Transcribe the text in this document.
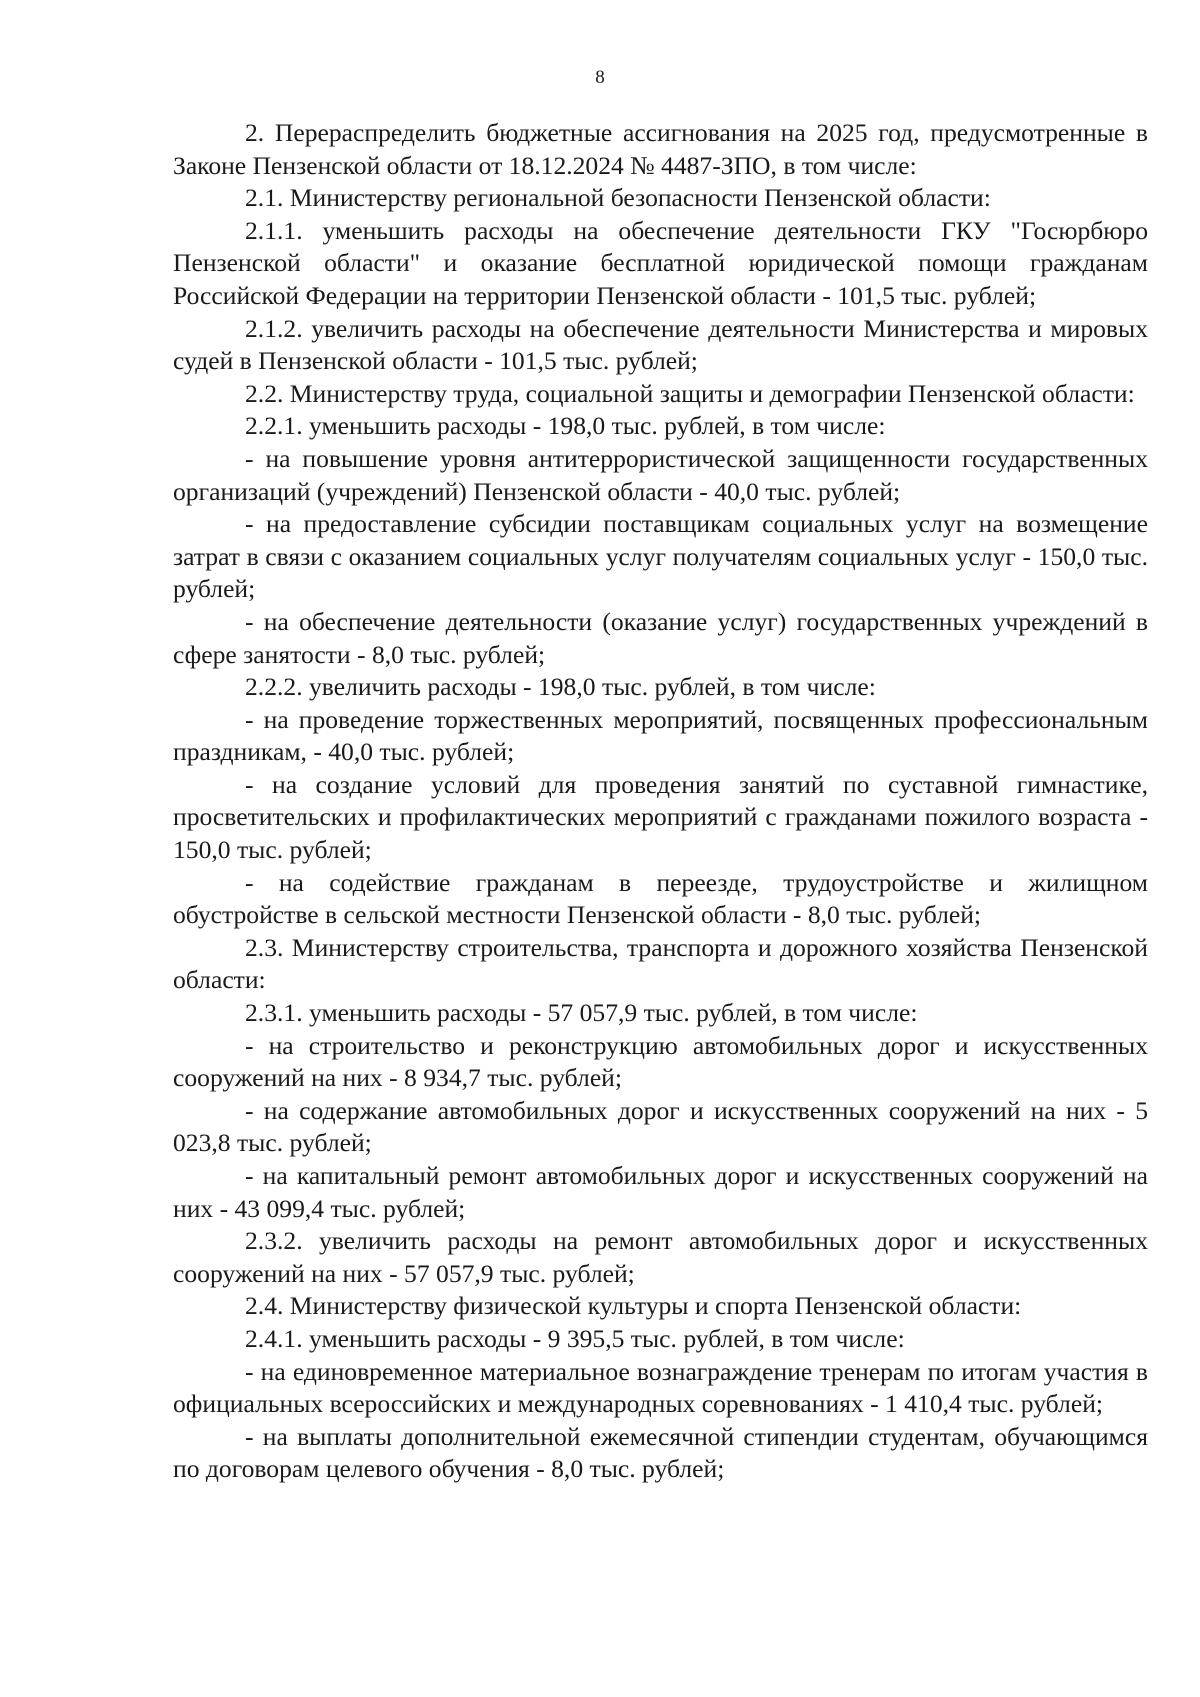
8

2. Перераспределить бюджетные ассигнования на 2025 год, предусмотренные в Законе Пензенской области от 18.12.2024 № 4487-ЗПО, в том числе:

2.1. Министерству региональной безопасности Пензенской области:

2.1.1. уменьшить расходы на обеспечение деятельности ГКУ "Госюрбюро Пензенской области" и оказание бесплатной юридической помощи гражданам Российской Федерации на территории Пензенской области - 101,5 тыс. рублей;

2.1.2. увеличить расходы на обеспечение деятельности Министерства и мировых судей в Пензенской области - 101,5 тыс. рублей;

2.2. Министерству труда, социальной защиты и демографии Пензенской области:

2.2.1. уменьшить расходы - 198,0 тыс. рублей, в том числе:

- на повышение уровня антитеррористической защищенности государственных организаций (учреждений) Пензенской области - 40,0 тыс. рублей;

- на предоставление субсидии поставщикам социальных услуг на возмещение затрат в связи с оказанием социальных услуг получателям социальных услуг - 150,0 тыс. рублей;

- на обеспечение деятельности (оказание услуг) государственных учреждений в сфере занятости - 8,0 тыс. рублей;

2.2.2. увеличить расходы - 198,0 тыс. рублей, в том числе:

- на проведение торжественных мероприятий, посвященных профессиональным праздникам, - 40,0 тыс. рублей;

- на создание условий для проведения занятий по суставной гимнастике, просветительских и профилактических мероприятий с гражданами пожилого возраста - 150,0 тыс. рублей;

- на содействие гражданам в переезде, трудоустройстве и жилищном обустройстве в сельской местности Пензенской области - 8,0 тыс. рублей;

2.3. Министерству строительства, транспорта и дорожного хозяйства Пензенской области:

2.3.1. уменьшить расходы - 57 057,9 тыс. рублей, в том числе:

- на строительство и реконструкцию автомобильных дорог и искусственных сооружений на них - 8 934,7 тыс. рублей;

- на содержание автомобильных дорог и искусственных сооружений на них - 5 023,8 тыс. рублей;

- на капитальный ремонт автомобильных дорог и искусственных сооружений на них - 43 099,4 тыс. рублей;

2.3.2. увеличить расходы на ремонт автомобильных дорог и искусственных сооружений на них - 57 057,9 тыс. рублей;

2.4. Министерству физической культуры и спорта Пензенской области:

2.4.1. уменьшить расходы - 9 395,5 тыс. рублей, в том числе:

- на единовременное материальное вознаграждение тренерам по итогам участия в официальных всероссийских и международных соревнованиях - 1 410,4 тыс. рублей;

- на выплаты дополнительной ежемесячной стипендии студентам, обучающимся по договорам целевого обучения - 8,0 тыс. рублей;
